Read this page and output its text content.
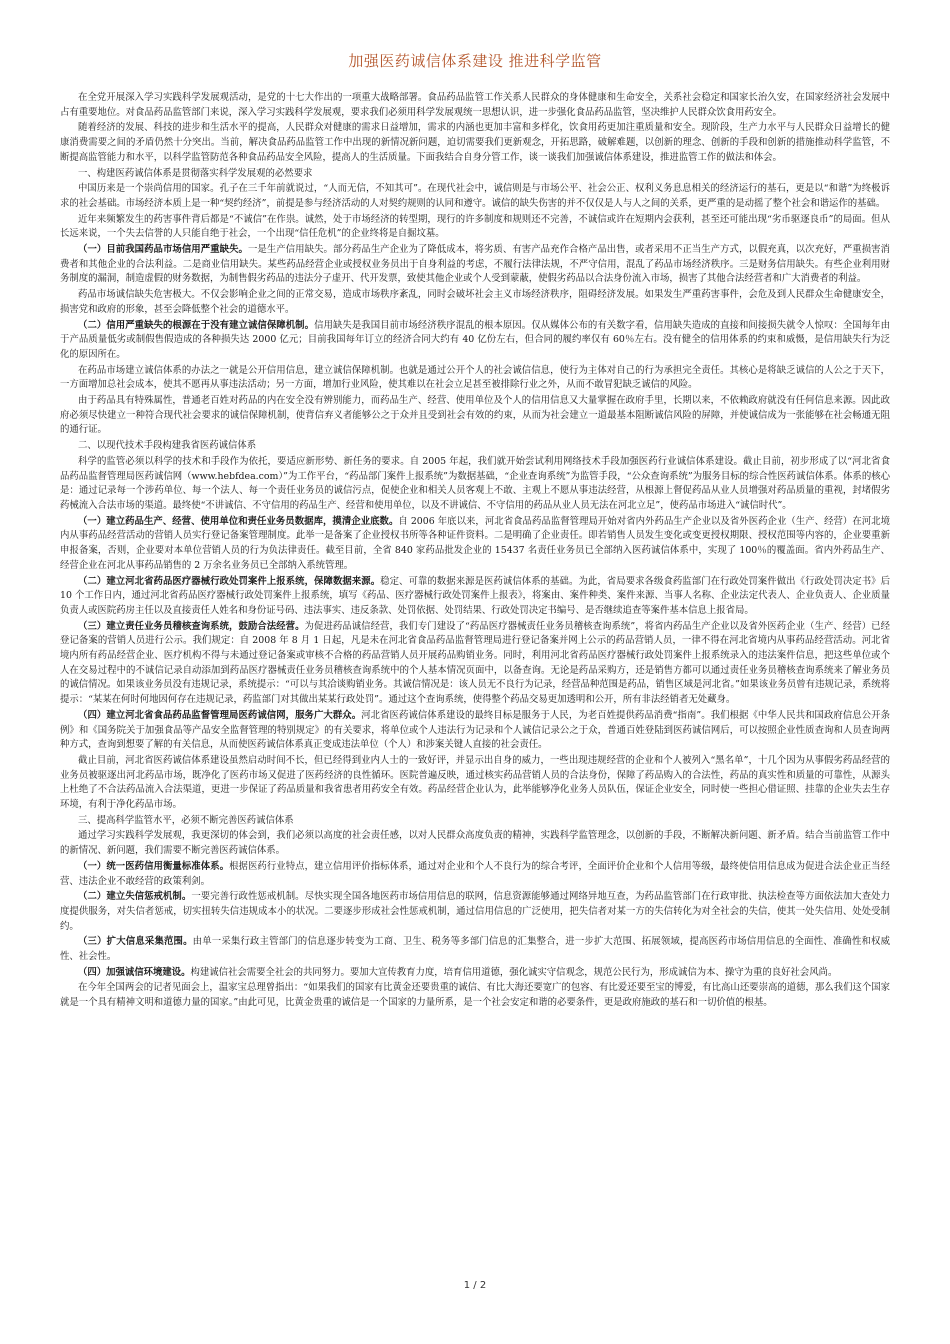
加强医药诚信体系建设 推进科学监管
在全党开展深入学习实践科学发展观活动，是党的十七大作出的一项重大战略部署。食品药品监管工作关系人民群众的身体健康和生命安全，关系社会稳定和国家长治久安，在国家经济社会发展中占有重要地位。对食品药品监管部门来说，深入学习实践科学发展观，要求我们必须用科学发展观统一思想认识，进一步强化食品药品监管，坚决维护人民群众饮食用药安全。
随着经济的发展、科技的进步和生活水平的提高，人民群众对健康的需求日益增加，需求的内涵也更加丰富和多样化，饮食用药更加注重质量和安全。现阶段，生产力水平与人民群众日益增长的健康消费需要之间的矛盾仍然十分突出。当前，解决食品药品监管工作中出现的新情况新问题，迫切需要我们更新观念，开拓思路，破解难题，以创新的理念、创新的手段和创新的措施推动科学监管，不断提高监管能力和水平，以科学监管防范各种食品药品安全风险，提高人的生活质量。下面我结合自身分管工作，谈一谈我们加强诚信体系建设，推进监管工作的做法和体会。
一、构建医药诚信体系是贯彻落实科学发展观的必然要求
中国历来是一个崇尚信用的国家。孔子在三千年前就说过，“人而无信，不知其可”。在现代社会中，诚信则是与市场公平、社会公正、权利义务息息相关的经济运行的基石，更是以“和谐”为终极诉求的社会基础。市场经济本质上是一种“契约经济”，前提是参与经济活动的人对契约规则的认同和遵守。诚信的缺失伤害的并不仅仅是人与人之间的关系，更严重的是动摇了整个社会和谐运作的基础。
近年来频繁发生的药害事件背后都是“不诚信”在作祟。诚然，处于市场经济的转型期，现行的许多制度和规则还不完善，不诚信或许在短期内会获利，甚至还可能出现“劣币驱逐良币”的局面。但从长远来说，一个失去信誉的人只能自绝于社会，一个出现“信任危机”的企业终将是自掘坟墓。
（一）目前我国药品市场信用严重缺失。一是生产信用缺失。部分药品生产企业为了降低成本，将劣质、有害产品充作合格产品出售，或者采用不正当生产方式，以假充真，以次充好，严重损害消费者和其他企业的合法利益。二是商业信用缺失。某些药品经营企业或授权业务员出于自身利益的考虑，不履行法律法规，不严守信用，混乱了药品市场经济秩序。三是财务信用缺失。有些企业利用财务制度的漏洞，制造虚假的财务数据，为制售假劣药品的违法分子虚开、代开发票，致使其他企业或个人受到蒙蔽，使假劣药品以合法身份流入市场，损害了其他合法经营者和广大消费者的利益。
药品市场诚信缺失危害极大。不仅会影响企业之间的正常交易，造成市场秩序紊乱，同时会破坏社会主义市场经济秩序，阻碍经济发展。如果发生严重药害事件，会危及到人民群众生命健康安全，损害党和政府的形象，甚至会降低整个社会的道德水平。
（二）信用严重缺失的根源在于没有建立诚信保障机制。信用缺失是我国目前市场经济秩序混乱的根本原因。仅从媒体公布的有关数字看，信用缺失造成的直接和间接损失就令人惊叹：全国每年由于产品质量低劣或制假售假造成的各种损失达 2000 亿元；目前我国每年订立的经济合同大约有 40 亿份左右，但合同的履约率仅有 60％左右。没有健全的信用体系的约束和威慑，是信用缺失行为泛化的原因所在。
在药品市场建立诚信体系的办法之一就是公开信用信息，建立诚信保障机制。也就是通过公开个人的社会诚信信息，使行为主体对自己的行为承担完全责任。其核心是将缺乏诚信的人公之于天下，一方面增加总社会成本，使其不愿再从事违法活动；另一方面，增加行业风险，使其难以在社会立足甚至被排除行业之外，从而不敢冒犯缺乏诚信的风险。
由于药品具有特殊属性，普通老百姓对药品的内在安全没有辨别能力，而药品生产、经营、使用单位及个人的信用信息又大量掌握在政府手里，长期以来，不依赖政府就没有任何信息来源。因此政府必须尽快建立一种符合现代社会要求的诚信保障机制，使背信弃义者能够公之于众并且受到社会有效的约束，从而为社会建立一道最基本阻断诚信风险的屏障，并使诚信成为一张能够在社会畅通无阻的通行证。
二、以现代技术手段构建我省医药诚信体系
科学的监管必须以科学的技术和手段作为依托，要适应新形势、新任务的要求。自 2005 年起，我们就开始尝试利用网络技术手段加强医药行业诚信体系建设。截止目前，初步形成了以“河北省食品药品监督管理局医药诚信网（www.hebfdea.com）”为工作平台，“药品部门案件上报系统”为数据基础，“企业查询系统”为监管手段，“公众查询系统”为服务目标的综合性医药诚信体系。体系的核心是：通过记录每一个涉药单位、每一个法人、每一个责任业务员的诚信污点，促使企业和相关人员客观上不敢、主观上不愿从事违法经营，从根源上督促药品从业人员增强对药品质量的重视，封堵假劣药械流入合法市场的渠道。最终使“不讲诚信、不守信用的药品生产、经营和使用单位，以及不讲诚信、不守信用的药品从业人员无法在河北立足”，使药品市场进入“诚信时代”。
（一）建立药品生产、经营、使用单位和责任业务员数据库，摸清企业底数。自 2006 年底以来，河北省食品药品监督管理局开始对省内外药品生产企业以及省外医药企业（生产、经营）在河北境内从事药品经营活动的营销人员实行登记备案管理制度。此举一是备案了企业授权书所等各种证件资料。二是明确了企业责任。即若销售人员发生变化或变更授权期限、授权范围等内容的，企业要重新申报备案，否则，企业要对本单位营销人员的行为负法律责任。截至目前，全省 840 家药品批发企业的 15437 名责任业务员已全部纳入医药诚信体系中，实现了 100％的覆盖面。省内外药品生产、经营企业在河北从事药品销售的 2 万余名业务员已全部纳入系统管理。
（二）建立河北省药品医疗器械行政处罚案件上报系统，保障数据来源。稳定、可靠的数据来源是医药诚信体系的基础。为此，省局要求各级食药监部门在行政处罚案件做出《行政处罚决定书》后 10 个工作日内，通过河北省药品医疗器械行政处罚案件上报系统，填写《药品、医疗器械行政处罚案件上报表》，将案由、案件种类、案件来源、当事人名称、企业法定代表人、企业负责人、企业质量负责人或医院药房主任以及直接责任人姓名和身份证号码、违法事实、违反条款、处罚依据、处罚结果、行政处罚决定书编号、是否继续追查等案件基本信息上报省局。
（三）建立责任业务员稽核查询系统，鼓励合法经营。为促进药品诚信经营，我们专门建设了“药品医疗器械责任业务员稽核查询系统”，将省内药品生产企业以及省外医药企业（生产、经营）已经登记备案的营销人员进行公示。我们规定：自 2008 年 8 月 1 日起，凡是未在河北省食品药品监督管理局进行登记备案并网上公示的药品营销人员，一律不得在河北省境内从事药品经营活动。河北省境内所有药品经营企业、医疗机构不得与未通过登记备案或审核不合格的药品营销人员开展药品购销业务。同时，利用河北省药品医疗器械行政处罚案件上报系统录入的违法案件信息，把这些单位或个人在交易过程中的不诚信记录自动添加到药品医疗器械责任业务员稽核查询系统中的个人基本情况页面中，以备查询。无论是药品采购方，还是销售方都可以通过责任业务员稽核查询系统来了解业务员的诚信情况。如果该业务员没有违规记录，系统提示：“可以与其洽谈购销业务。其诚信情况是：该人员无不良行为记录，经营品种范围是药品，销售区域是河北省。”如果该业务员曾有违规记录，系统将提示：“某某在何时何地因何存在违规记录，药监部门对其做出某某行政处罚”。通过这个查询系统，使得整个药品交易更加透明和公开，所有非法经销者无处藏身。
（四）建立河北省食品药品监督管理局医药诚信网，服务广大群众。河北省医药诚信体系建设的最终目标是服务于人民，为老百姓提供药品消费“指南”。我们根据《中华人民共和国政府信息公开条例》和《国务院关于加强食品等产品安全监督管理的特别规定》的有关要求，将单位或个人违法行为记录和个人诚信记录公之于众，普通百姓登陆到医药诚信网后，可以按照企业性质查询和人员查询两种方式，查询到想要了解的有关信息，从而使医药诚信体系真正变成违法单位（个人）和涉案关键人直接的社会责任。
截止目前，河北省医药诚信体系建设虽然启动时间不长，但已经得到业内人士的一致好评，并显示出自身的威力，一些出现违规经营的企业和个人被列入“黑名单”，十几个因为从事假劣药品经营的业务员被驱逐出河北药品市场，既净化了医药市场又促进了医药经济的良性循环。医院普遍反映，通过核实药品营销人员的合法身份，保障了药品购入的合法性，药品的真实性和质量的可靠性，从源头上杜绝了不合法药品流入合法渠道，更进一步保证了药品质量和我省患者用药安全有效。药品经营企业认为，此举能够净化业务人员队伍，保证企业安全，同时使一些担心借证照、挂靠的企业失去生存环境，有利于净化药品市场。
三、提高科学监管水平，必须不断完善医药诚信体系
通过学习实践科学发展观，我更深切的体会到，我们必须以高度的社会责任感，以对人民群众高度负责的精神，实践科学监管理念，以创新的手段，不断解决新问题、新矛盾。结合当前监管工作中的新情况、新问题，我们需要不断完善医药诚信体系。
（一）统一医药信用衡量标准体系。根据医药行业特点，建立信用评价指标体系，通过对企业和个人不良行为的综合考评，全面评价企业和个人信用等级，最终使信用信息成为促进合法企业正当经营、违法企业不敢经营的政策利剑。
（二）建立失信惩戒机制。一要完善行政性惩戒机制。尽快实现全国各地医药市场信用信息的联网，信息资源能够通过网络异地互查，为药品监管部门在行政审批、执法检查等方面依法加大查处力度提供服务，对失信者惩戒，切实扭转失信违规成本小的状况。二要逐步形成社会性惩戒机制，通过信用信息的广泛使用，把失信者对某一方的失信转化为对全社会的失信，使其一处失信用、处处受制约。
（三）扩大信息采集范围。由单一采集行政主管部门的信息逐步转变为工商、卫生、税务等多部门信息的汇集整合，进一步扩大范围、拓展领域，提高医药市场信用信息的全面性、准确性和权威性、社会性。
（四）加强诚信环境建设。构建诚信社会需要全社会的共同努力。要加大宣传教育力度，培育信用道德，强化诚实守信观念，规范公民行为，形成诚信为本、操守为重的良好社会风尚。
在今年全国两会的记者见面会上，温家宝总理曾指出：“如果我们的国家有比黄金还要贵重的诚信、有比大海还要宽广的包容、有比爱还要至宝的博爱，有比高山还要崇高的道德，那么我们这个国家就是一个具有精神文明和道德力量的国家。”由此可见，比黄金贵重的诚信是一个国家的力量所系，是一个社会安定和谐的必要条件，更是政府施政的基石和一切价值的根基。
1 / 2
